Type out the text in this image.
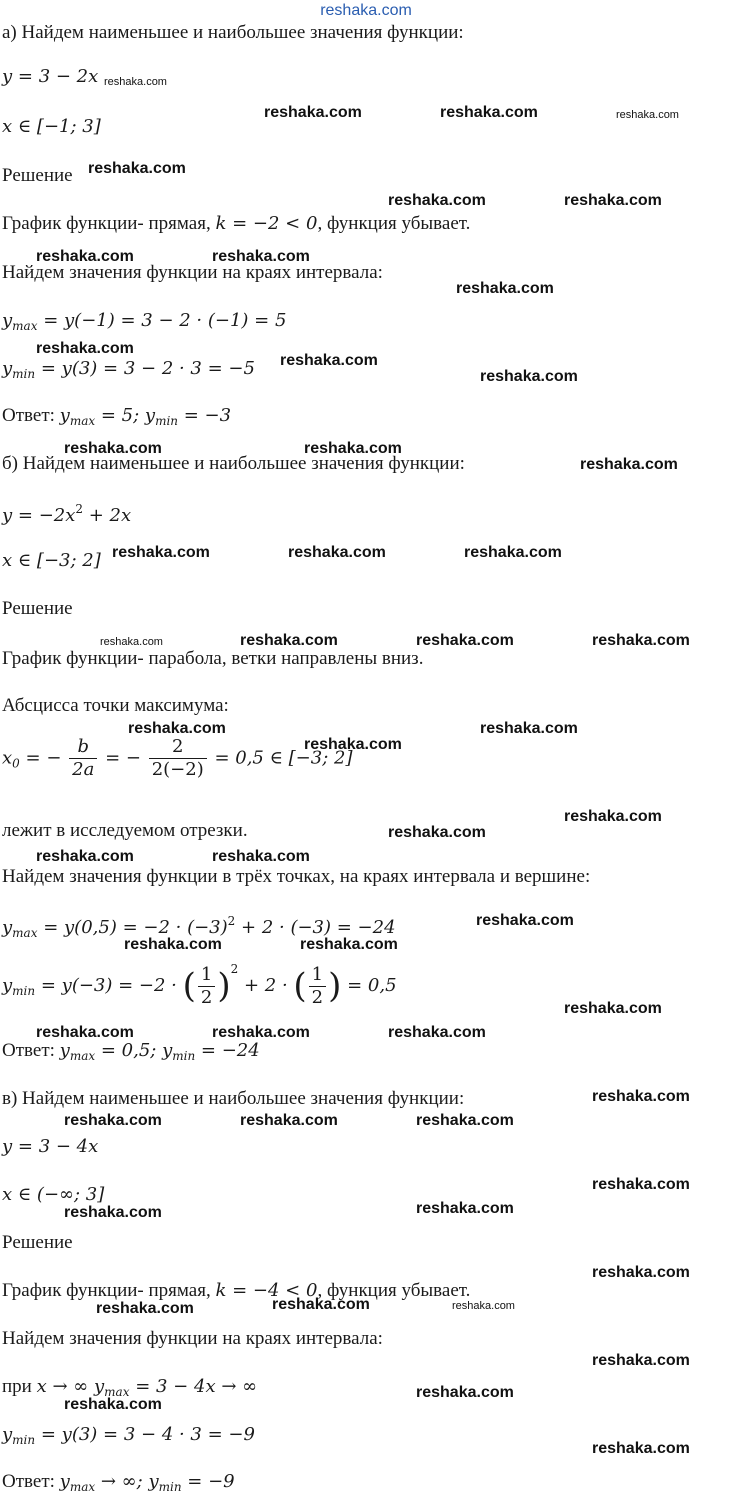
reshaka.com
а) Найдем наименьшее и наибольшее значения функции:
y = 3 − 2x
x ∈ [−1; 3]
Решение
График функции- прямая, k = −2 < 0, функция убывает.
Найдем значения функции на краях интервала:
$y_{max} = y(-1) = 3 - 2 \cdot (-1) = 5$
$y_{min} = y(3) = 3 - 2 \cdot 3 = -5$
Ответ: $y_{max} = 5$; $y_{min} = -3$
б) Найдем наименьшее и наибольшее значения функции:
$y = -2x^2 + 2x$
x ∈ [−3; 2]
Решение
График функции- парабола, ветки направлены вниз.
Абсцисса точки максимума:
$x_0$ = − $\frac{b}{2a}$ = − $\frac{2}{2(-2)} = 0,5$ ∈ [−3; 2]
лежит в исследуемом отрезки.
Найдем значения функции в трёх точках, на краях интервала и вершине:
$y_{max} = y(0,5) = -2 \cdot (-3)^2 + 2 \cdot (-3) = -24$
$y_{min} = y(-3) = -2$ · ( $\frac{1}{2} )^2 + 2$ · ( $\frac{1}{2}$ ) = 0,5
Ответ: $y_{max} = 0,5$; $y_{min} = -24$
в) Найдем наименьшее и наибольшее значения функции:
y = 3 − 4x
x ∈ (−∞; 3]
Решение
График функции- прямая, k = −4 < 0, функция убывает.
Найдем значения функции на краях интервала:
при x → ∞ $y_{max} = 3 - 4x$ → ∞
$y_{min} = y(3) = 3 - 4 \cdot 3 = -9$
Ответ: $y_{max}$ → ∞; $y_{min} = -9$
reshaka.com
reshaka.com	reshaka.com	reshaka.com
reshaka.com
reshaka.com	reshaka.com
reshaka.com	reshaka.com
reshaka.com
reshaka.com
reshaka.com
reshaka.com
reshaka.com	reshaka.com
reshaka.com
reshaka.com	reshaka.com	reshaka.com
reshaka.com	reshaka.com	reshaka.com	reshaka.com
reshaka.com	reshaka.com
reshaka.com
reshaka.com
reshaka.com
reshaka.com	reshaka.com
reshaka.com
reshaka.com	reshaka.com
reshaka.com
reshaka.com	reshaka.com	reshaka.com
reshaka.com
reshaka.com	reshaka.com	reshaka.com
reshaka.com
reshaka.com	reshaka.com
reshaka.com
reshaka.com	reshaka.com	reshaka.com
reshaka.com
reshaka.com
reshaka.com
reshaka.com
